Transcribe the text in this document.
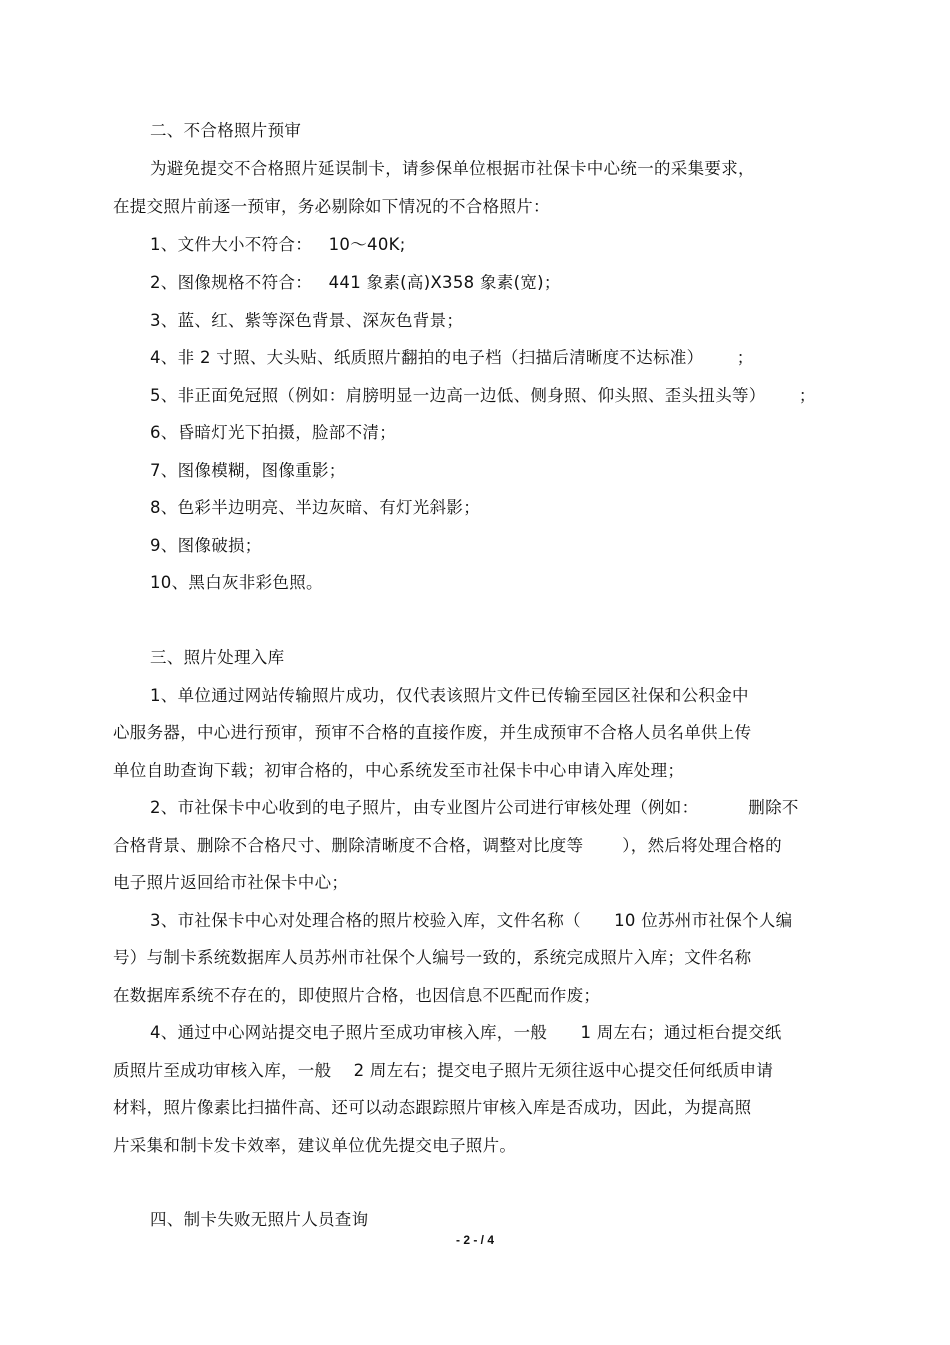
二、不合格照片预审

为避免提交不合格照片延误制卡，请参保单位根据市社保卡中心统一的采集要求，

在提交照片前逐一预审，务必剔除如下情况的不合格照片：

1、文件大小不符合：   10～40K;

2、图像规格不符合：   441 象素(高)X358 象素(宽)；

3、蓝、红、紫等深色背景、深灰色背景；

4、非 2 寸照、大头贴、纸质照片翻拍的电子档（扫描后清晰度不达标准）      ；

5、非正面免冠照（例如：肩膀明显一边高一边低、侧身照、仰头照、歪头扭头等）      ；

6、昏暗灯光下拍摄，脸部不清；

7、图像模糊，图像重影；

8、色彩半边明亮、半边灰暗、有灯光斜影；

9、图像破损；

10、黑白灰非彩色照。

三、照片处理入库

1、单位通过网站传输照片成功，仅代表该照片文件已传输至园区社保和公积金中

心服务器，中心进行预审，预审不合格的直接作废，并生成预审不合格人员名单供上传

单位自助查询下载；初审合格的，中心系统发至市社保卡中心申请入库处理；

2、市社保卡中心收到的电子照片，由专业图片公司进行审核处理（例如：         删除不

合格背景、删除不合格尺寸、删除清晰度不合格，调整对比度等       ），然后将处理合格的

电子照片返回给市社保卡中心；

3、市社保卡中心对处理合格的照片校验入库，文件名称（      10 位苏州市社保个人编

号）与制卡系统数据库人员苏州市社保个人编号一致的，系统完成照片入库；文件名称

在数据库系统不存在的，即使照片合格，也因信息不匹配而作废；

4、通过中心网站提交电子照片至成功审核入库，一般      1 周左右；通过柜台提交纸

质照片至成功审核入库，一般    2 周左右；提交电子照片无须往返中心提交任何纸质申请

材料，照片像素比扫描件高、还可以动态跟踪照片审核入库是否成功，因此，为提高照

片采集和制卡发卡效率，建议单位优先提交电子照片。

四、制卡失败无照片人员查询

- 2 - / 4
